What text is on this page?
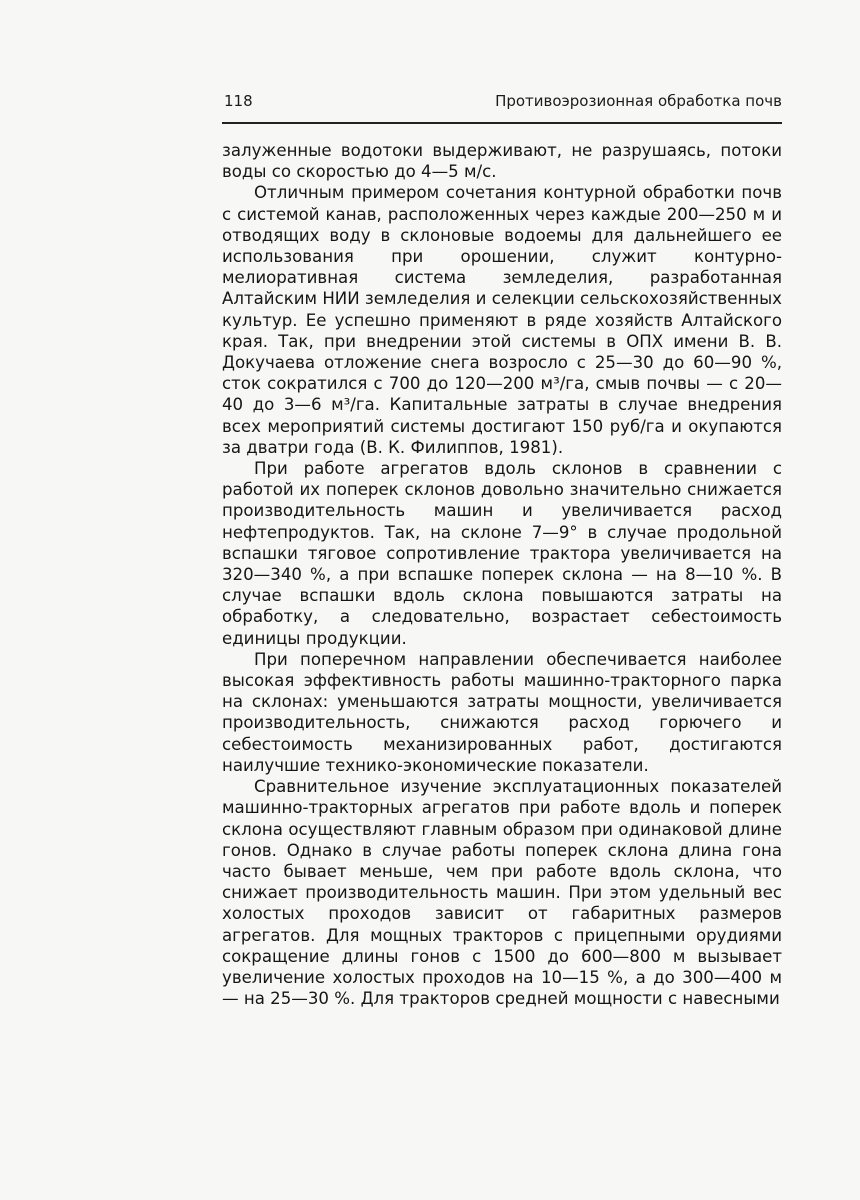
118	Противоэрозионная обработка почв

залуженные водотоки выдерживают, не разрушаясь, потоки воды со скоростью до 4—5 м/с.

Отличным примером сочетания контурной обработки почв с системой канав, расположенных через каждые 200—250 м и отводящих воду в склоновые водоемы для дальнейшего ее использования при орошении, служит контурно-мелиоративная система земледелия, разработанная Алтайским НИИ земледелия и селекции сельскохозяйственных культур. Ее успешно применяют в ряде хозяйств Алтайского края. Так, при внедрении этой системы в ОПХ имени В. В. Докучаева отложение снега возросло с 25—30 до 60—90 %, сток сократился с 700 до 120—200 м³/га, смыв почвы — с 20—40 до 3—6 м³/га. Капитальные затраты в случае внедрения всех мероприятий системы достигают 150 руб/га и окупаются за дватри года (В. К. Филиппов, 1981).

При работе агрегатов вдоль склонов в сравнении с работой их поперек склонов довольно значительно снижается производительность машин и увеличивается расход нефтепродуктов. Так, на склоне 7—9° в случае продольной вспашки тяговое сопротивление трактора увеличивается на 320—340 %, а при вспашке поперек склона — на 8—10 %. В случае вспашки вдоль склона повышаются затраты на обработку, а следовательно, возрастает себестоимость единицы продукции.

При поперечном направлении обеспечивается наиболее высокая эффективность работы машинно-тракторного парка на склонах: уменьшаются затраты мощности, увеличивается производительность, снижаются расход горючего и себестоимость механизированных работ, достигаются наилучшие технико-экономические показатели.

Сравнительное изучение эксплуатационных показателей машинно-тракторных агрегатов при работе вдоль и поперек склона осуществляют главным образом при одинаковой длине гонов. Однако в случае работы поперек склона длина гона часто бывает меньше, чем при работе вдоль склона, что снижает производительность машин. При этом удельный вес холостых проходов зависит от габаритных размеров агрегатов. Для мощных тракторов с прицепными орудиями сокращение длины гонов с 1500 до 600—800 м вызывает увеличение холостых проходов на 10—15 %, а до 300—400 м — на 25—30 %. Для тракторов средней мощности с навесными
